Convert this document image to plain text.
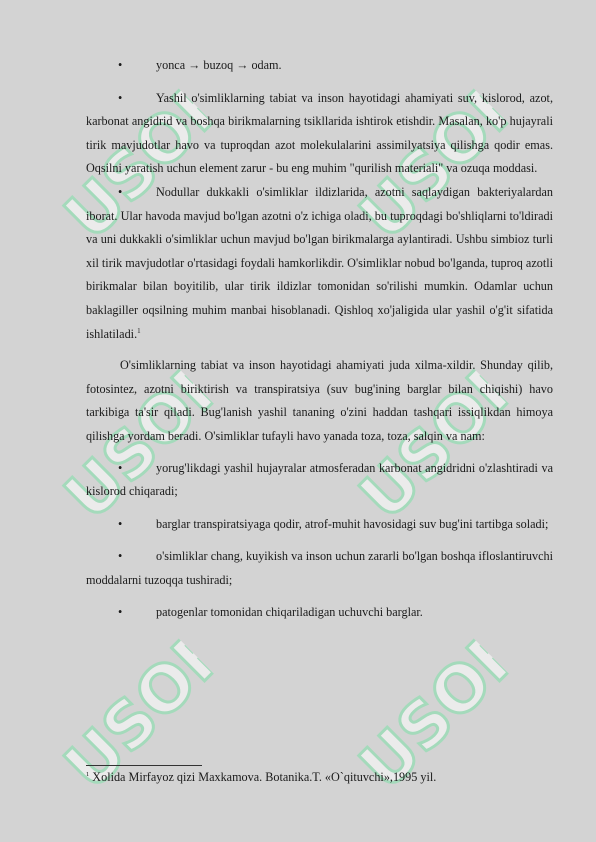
USOFF USOFF
USOFF USOFF
USOFF USOFF

•	yonca → buzoq → odam.

•	Yashil o'simliklarning tabiat va inson hayotidagi ahamiyati suv, kislorod, azot, karbonat angidrid va boshqa birikmalarning tsikllarida ishtirok etishdir. Masalan, ko'p hujayrali tirik mavjudotlar havo va tuproqdan azot molekulalarini assimilyatsiya qilishga qodir emas. Oqsilni yaratish uchun element zarur - bu eng muhim "qurilish materiali" va ozuqa moddasi.

•	Nodullar dukkakli o'simliklar ildizlarida, azotni saqlaydigan bakteriyalardan iborat. Ular havoda mavjud bo'lgan azotni o'z ichiga oladi, bu tuproqdagi bo'shliqlarni to'ldiradi va uni dukkakli o'simliklar uchun mavjud bo'lgan birikmalarga aylantiradi. Ushbu simbioz turli xil tirik mavjudotlar o'rtasidagi foydali hamkorlikdir. O'simliklar nobud bo'lganda, tuproq azotli birikmalar bilan boyitilib, ular tirik ildizlar tomonidan so'rilishi mumkin. Odamlar uchun baklagiller oqsilning muhim manbai hisoblanadi. Qishloq xo'jaligida ular yashil o'g'it sifatida ishlatiladi.$^1$

O'simliklarning tabiat va inson hayotidagi ahamiyati juda xilma-xildir. Shunday qilib, fotosintez, azotni biriktirish va transpiratsiya (suv bug'ining barglar bilan chiqishi) havo tarkibiga ta'sir qiladi. Bug'lanish yashil tananing o'zini haddan tashqari issiqlikdan himoya qilishga yordam beradi. O'simliklar tufayli havo yanada toza, toza, salqin va nam:

•	yorug'likdagi yashil hujayralar atmosferadan karbonat angidridni o'zlashtiradi va kislorod chiqaradi;

•	barglar transpiratsiyaga qodir, atrof-muhit havosidagi suv bug'ini tartibga soladi;

•	o'simliklar chang, kuyikish va inson uchun zararli bo'lgan boshqa ifloslantiruvchi moddalarni tuzoqqa tushiradi;

•	patogenlar tomonidan chiqariladigan uchuvchi barglar.

$^1$ Xolida Mirfayoz qizi Maxkamova. Botanika.T. «O`qituvchi»,1995 yil.
